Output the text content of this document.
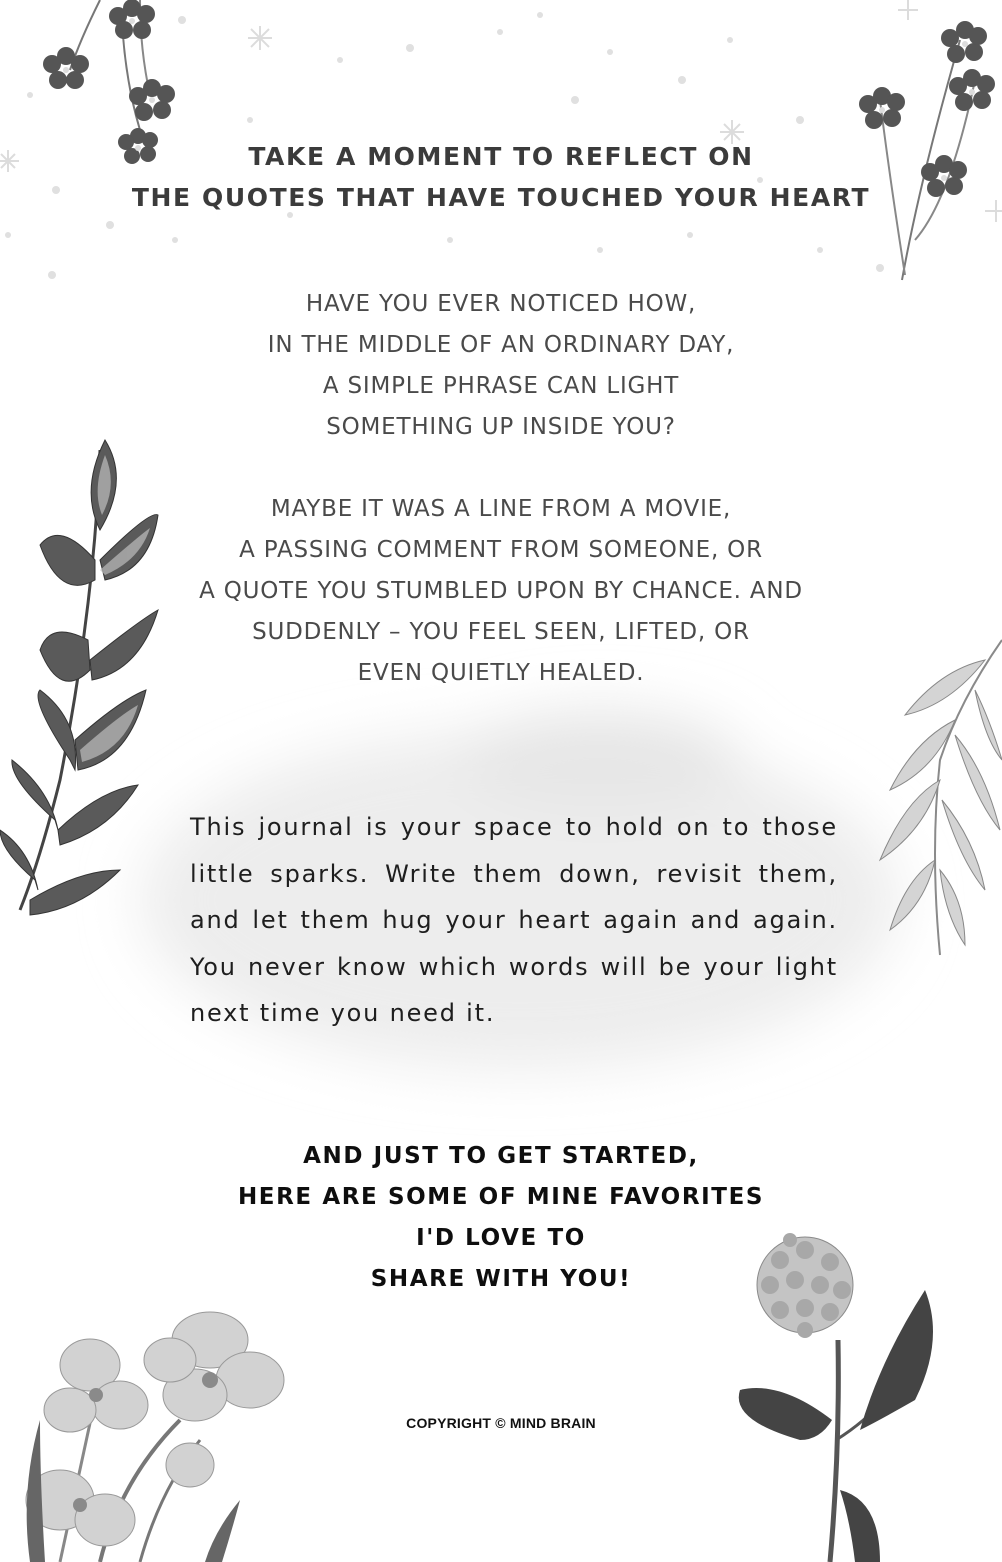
TAKE A MOMENT TO REFLECT ON
THE QUOTES THAT HAVE TOUCHED YOUR HEART
HAVE YOU EVER NOTICED HOW,
IN THE MIDDLE OF AN ORDINARY DAY,
A SIMPLE PHRASE CAN LIGHT
SOMETHING UP INSIDE YOU?
MAYBE IT WAS A LINE FROM A MOVIE,
A PASSING COMMENT FROM SOMEONE, OR
A QUOTE YOU STUMBLED UPON BY CHANCE. AND
SUDDENLY – YOU FEEL SEEN, LIFTED, OR
EVEN QUIETLY HEALED.

This journal is your space to hold on to those little sparks. Write them down, revisit them, and let them hug your heart again and again. You never know which words will be your light next time you need it.

AND JUST TO GET STARTED,
HERE ARE SOME OF MINE FAVORITES
I'D LOVE TO
SHARE WITH YOU!
COPYRIGHT © MIND BRAIN
